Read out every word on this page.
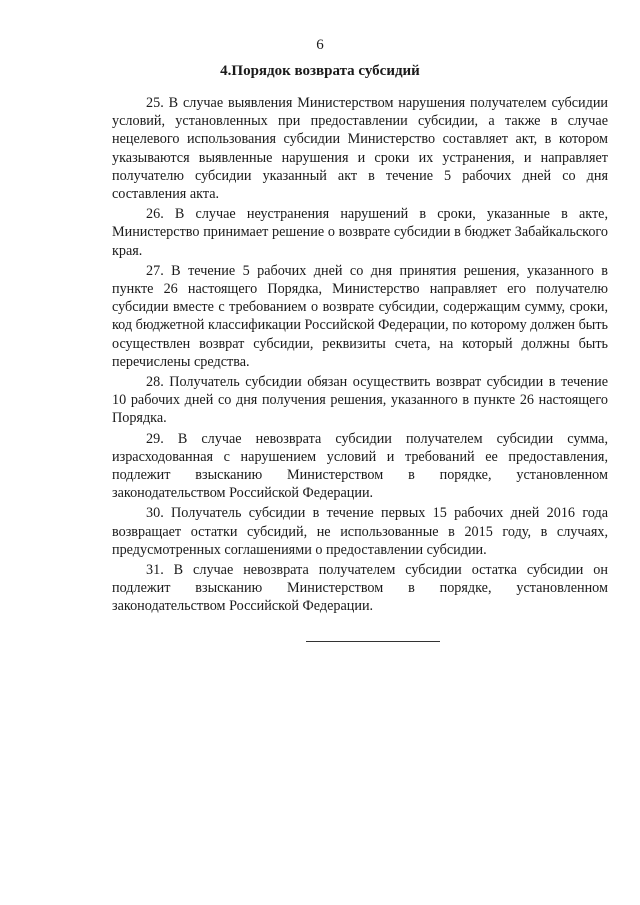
6
4.Порядок возврата субсидий

25. В случае выявления Министерством нарушения получателем субсидии условий, установленных при предоставлении субсидии, а также в случае нецелевого использования субсидии Министерство составляет акт, в котором указываются выявленные нарушения и сроки их устранения, и направляет получателю субсидии указанный акт в течение 5 рабочих дней со дня составления акта.

26. В случае неустранения нарушений в сроки, указанные в акте, Министерство принимает решение о возврате субсидии в бюджет Забайкальского края.

27. В течение 5 рабочих дней со дня принятия решения, указанного в пункте 26 настоящего Порядка, Министерство направляет его получателю субсидии вместе с требованием о возврате субсидии, содержащим сумму, сроки, код бюджетной классификации Российской Федерации, по которому должен быть осуществлен возврат субсидии, реквизиты счета, на который должны быть перечислены средства.

28. Получатель субсидии обязан осуществить возврат субсидии в течение 10 рабочих дней со дня получения решения, указанного в пункте 26 настоящего Порядка.

29. В случае невозврата субсидии получателем субсидии сумма, израсходованная с нарушением условий и требований ее предоставления, подлежит взысканию Министерством в порядке, установленном законодательством Российской Федерации.

30. Получатель субсидии в течение первых 15 рабочих дней 2016 года возвращает остатки субсидий, не использованные в 2015 году, в случаях, предусмотренных соглашениями о предоставлении субсидии.

31. В случае невозврата получателем субсидии остатка субсидии он подлежит взысканию Министерством в порядке, установленном законодательством Российской Федерации.
